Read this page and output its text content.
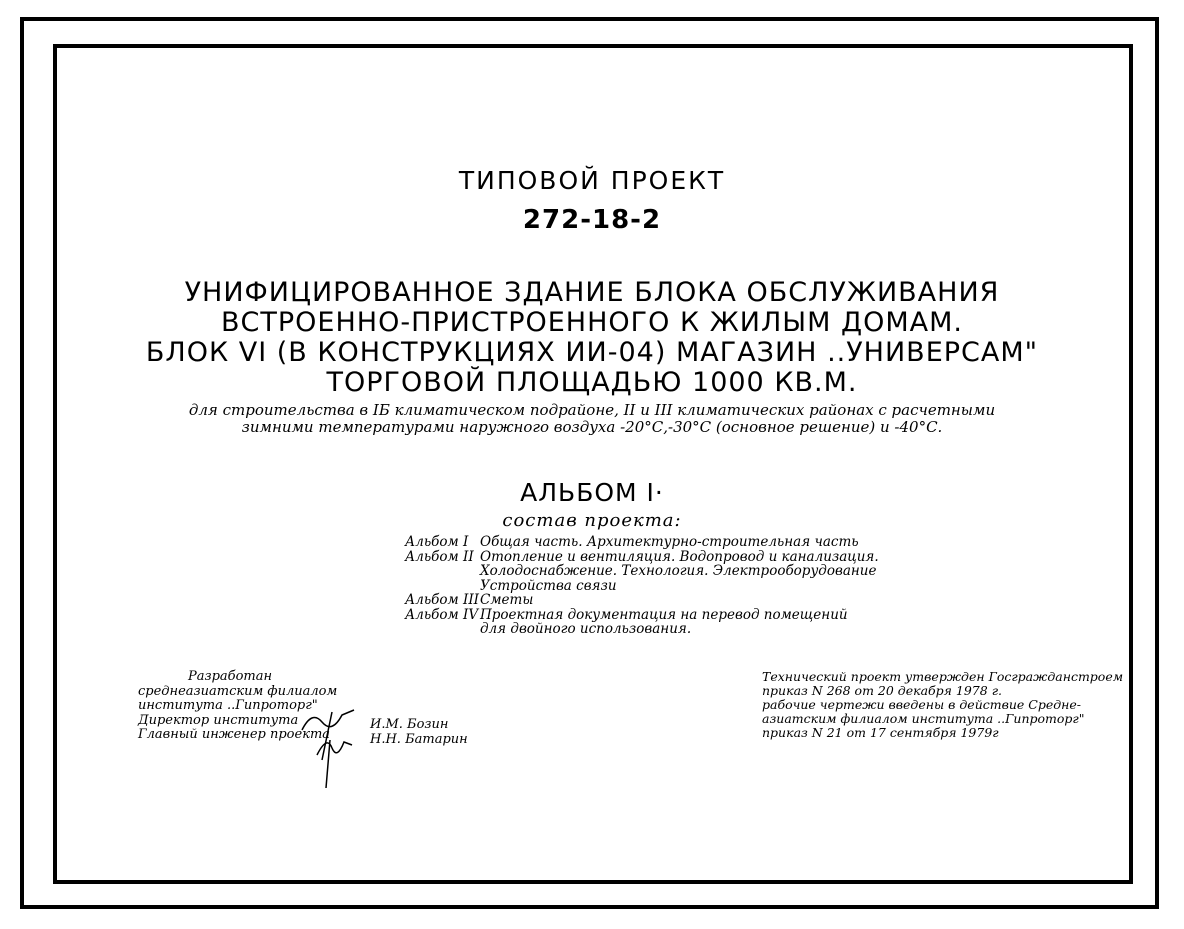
ТИПОВОЙ ПРОЕКТ
272-18-2
УНИФИЦИРОВАННОЕ ЗДАНИЕ БЛОКА ОБСЛУЖИВАНИЯ
ВСТРОЕННО-ПРИСТРОЕННОГО К ЖИЛЫМ ДОМАМ.
БЛОК VI (В КОНСТРУКЦИЯХ ИИ-04) МАГАЗИН ..УНИВЕРСАМ"
ТОРГОВОЙ ПЛОЩАДЬЮ 1000 КВ.М.
для строительства в IБ климатическом подрайоне, II и III климатических районах с расчетными
зимними температурами наружного воздуха -20°С,-30°С (основное решение) и -40°С.
АЛЬБОМ I·
состав проекта:
Альбом I Общая часть. Архитектурно-строительная часть
Альбом II Отопление и вентиляция. Водопровод и канализация.
Холодоснабжение. Технология. Электрооборудование
Устройства связи
Альбом III Сметы
Альбом IV Проектная документация на перевод помещений
для двойного использования.
Разработан
среднеазиатским филиалом
института ..Гипроторг"
Директор института
Главный инженер проекта
И.М. Бозин
Н.Н. Батарин
Технический проект утвержден Госгражданстроем
приказ N 268 от 20 декабря 1978 г.
рабочие чертежи введены в действие Средне-
азиатским филиалом института ..Гипроторг"
приказ N 21 от 17 сентября 1979г
